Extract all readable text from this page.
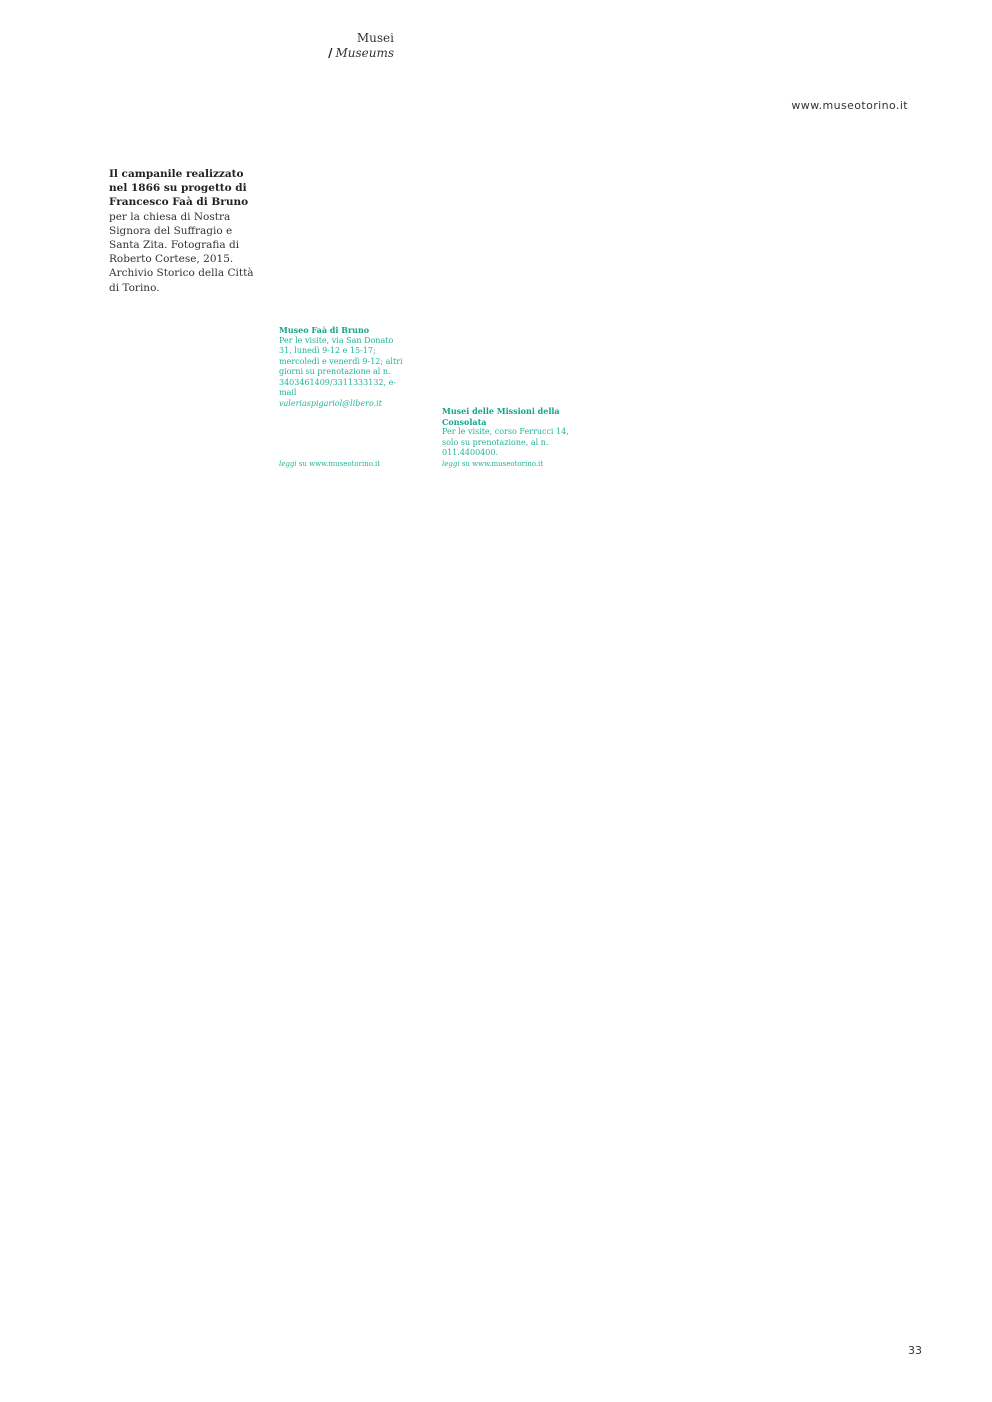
Musei
/ Museums
www.museotorino.it
Il campanile realizzato nel 1866 su progetto di Francesco Faà di Bruno per la chiesa di Nostra Signora del Suffragio e Santa Zita. Fotografia di Roberto Cortese, 2015. Archivio Storico della Città di Torino.
Museo Faà di Bruno
Per le visite, via San Donato 31, lunedì 9-12 e 15-17; mercoledì e venerdì 9-12; altri giorni su prenotazione al n. 3403461409/3311333132, e-mail
valeriaspigariol@libero.it
Musei delle Missioni della Consolata
Per le visite, corso Ferrucci 14, solo su prenotazione, al n. 011.4400400.
leggi su www.museotorino.it	leggi su www.museotorino.it
33
